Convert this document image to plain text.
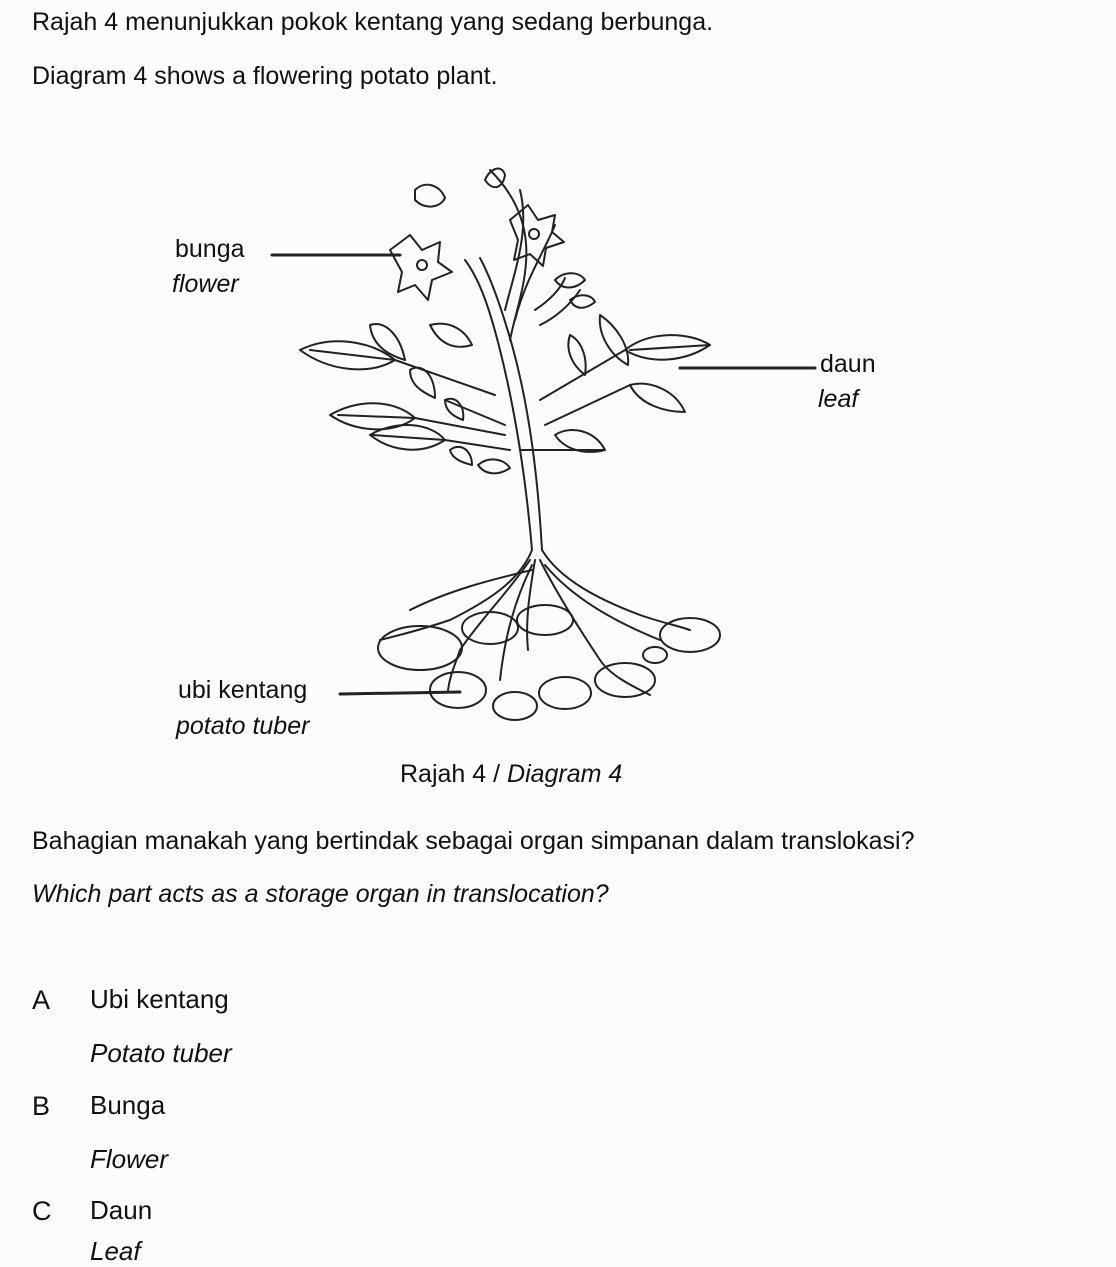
Rajah 4 menunjukkan pokok kentang yang sedang berbunga.

Diagram 4 shows a flowering potato plant.

bunga
flower
daun
leaf
ubi kentang
potato tuber

Rajah 4 / Diagram 4

Bahagian manakah yang bertindak sebagai organ simpanan dalam translokasi?

Which part acts as a storage organ in translocation?

A Ubi kentang
Potato tuber
B Bunga
Flower
C Daun
Leaf
